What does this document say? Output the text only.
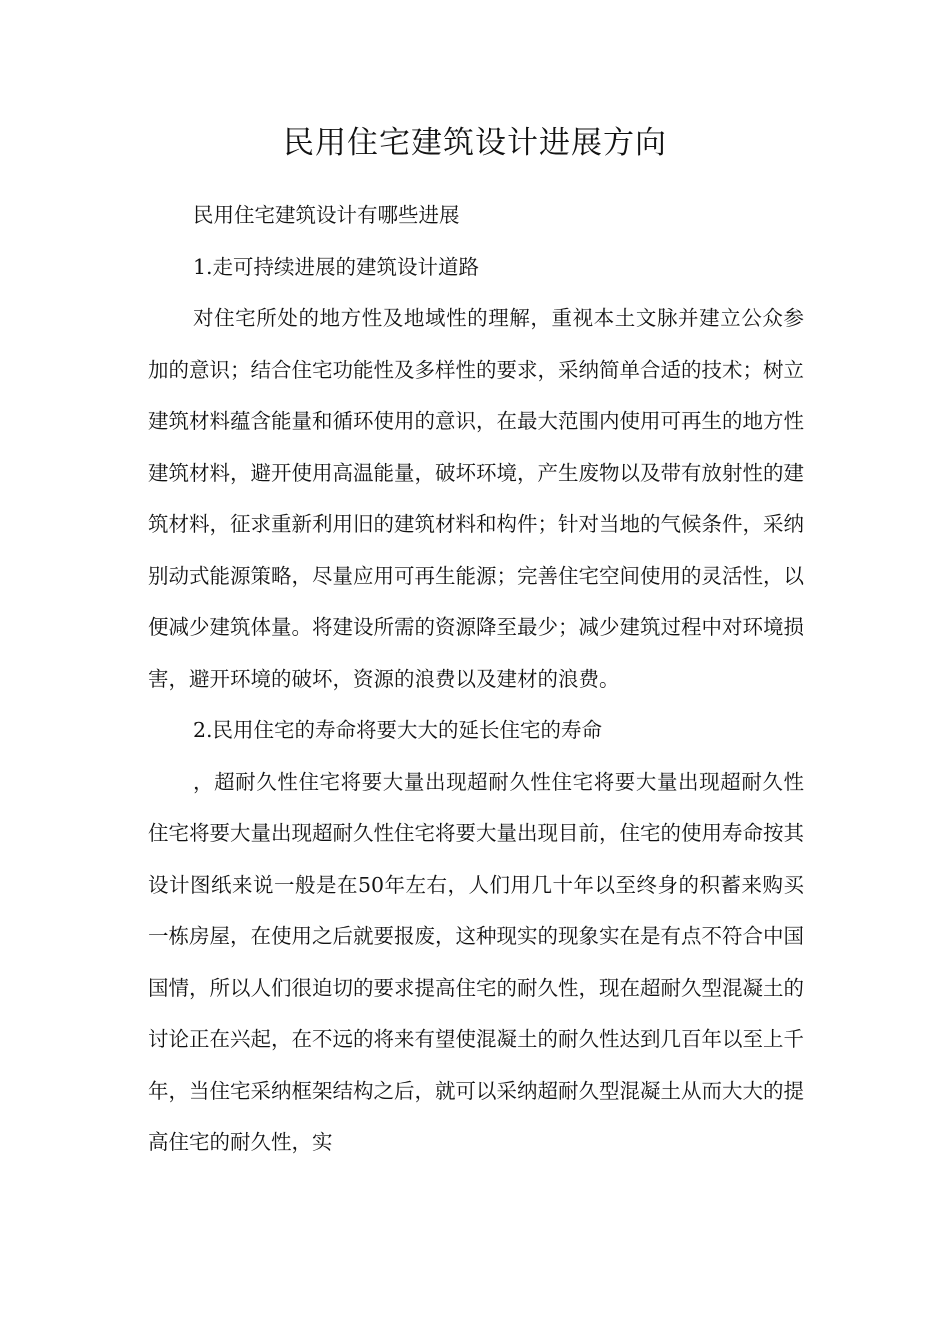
民用住宅建筑设计进展方向

民用住宅建筑设计有哪些进展

1.走可持续进展的建筑设计道路

对住宅所处的地方性及地域性的理解，重视本土文脉并建立公众参加的意识；结合住宅功能性及多样性的要求，采纳简单合适的技术；树立建筑材料蕴含能量和循环使用的意识，在最大范围内使用可再生的地方性建筑材料，避开使用高温能量，破坏环境，产生废物以及带有放射性的建筑材料，征求重新利用旧的建筑材料和构件；针对当地的气候条件，采纳别动式能源策略，尽量应用可再生能源；完善住宅空间使用的灵活性，以便减少建筑体量。将建设所需的资源降至最少；减少建筑过程中对环境损害，避开环境的破坏，资源的浪费以及建材的浪费。

2.民用住宅的寿命将要大大的延长住宅的寿命

，超耐久性住宅将要大量出现超耐久性住宅将要大量出现超耐久性住宅将要大量出现超耐久性住宅将要大量出现目前，住宅的使用寿命按其设计图纸来说一般是在50年左右，人们用几十年以至终身的积蓄来购买一栋房屋，在使用之后就要报废，这种现实的现象实在是有点不符合中国国情，所以人们很迫切的要求提高住宅的耐久性，现在超耐久型混凝土的讨论正在兴起，在不远的将来有望使混凝土的耐久性达到几百年以至上千年，当住宅采纳框架结构之后，就可以采纳超耐久型混凝土从而大大的提高住宅的耐久性，实
